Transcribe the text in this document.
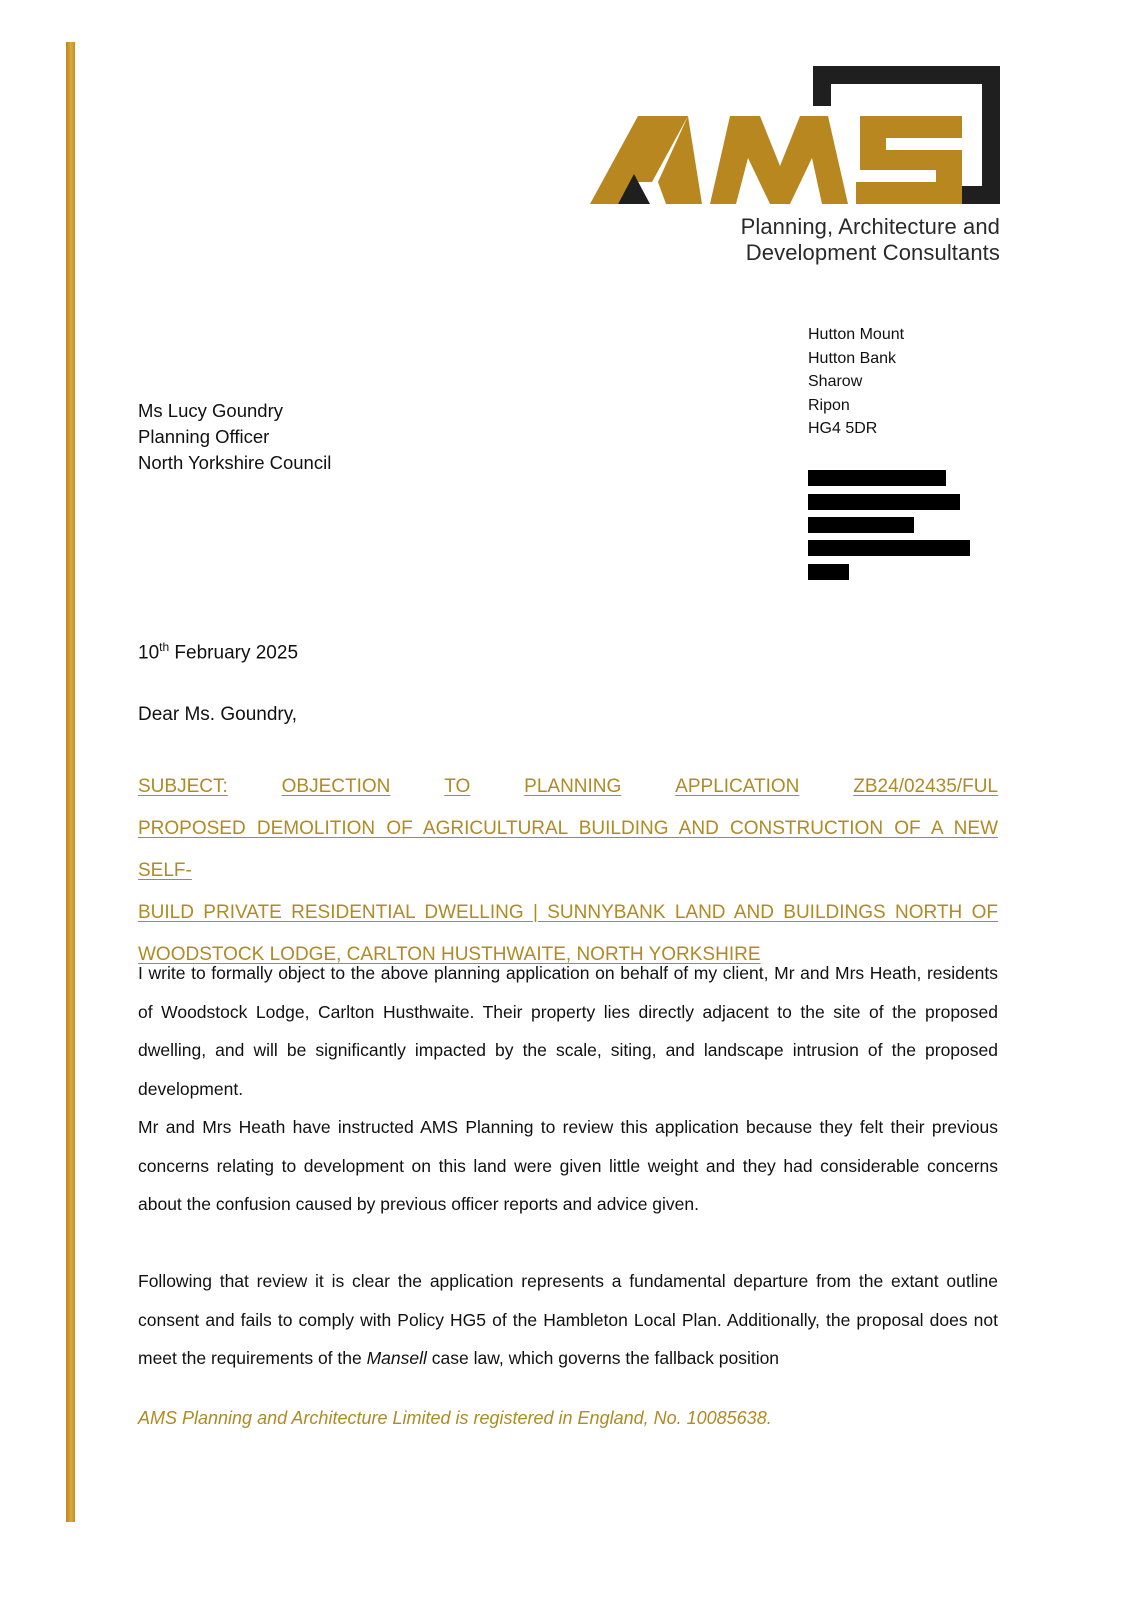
Planning, Architecture and
Development Consultants
Hutton Mount
Hutton Bank
Sharow
Ripon
HG4 5DR
Ms Lucy Goundry
Planning Officer
North Yorkshire Council
10th February 2025
Dear Ms. Goundry,
SUBJECT:	OBJECTION	TO	PLANNING	APPLICATION	ZB24/02435/FUL
PROPOSED DEMOLITION OF AGRICULTURAL BUILDING AND CONSTRUCTION OF A NEW SELF-
BUILD PRIVATE RESIDENTIAL DWELLING | SUNNYBANK LAND AND BUILDINGS NORTH OF
WOODSTOCK LODGE, CARLTON HUSTHWAITE, NORTH YORKSHIRE

I write to formally object to the above planning application on behalf of my client, Mr and Mrs Heath, residents of Woodstock Lodge, Carlton Husthwaite. Their property lies directly adjacent to the site of the proposed dwelling, and will be significantly impacted by the scale, siting, and landscape intrusion of the proposed development.

Mr and Mrs Heath have instructed AMS Planning to review this application because they felt their previous concerns relating to development on this land were given little weight and they had considerable concerns about the confusion caused by previous officer reports and advice given.

Following that review it is clear the application represents a fundamental departure from the extant outline consent and fails to comply with Policy HG5 of the Hambleton Local Plan. Additionally, the proposal does not meet the requirements of the Mansell case law, which governs the fallback position

AMS Planning and Architecture Limited is registered in England, No. 10085638.
